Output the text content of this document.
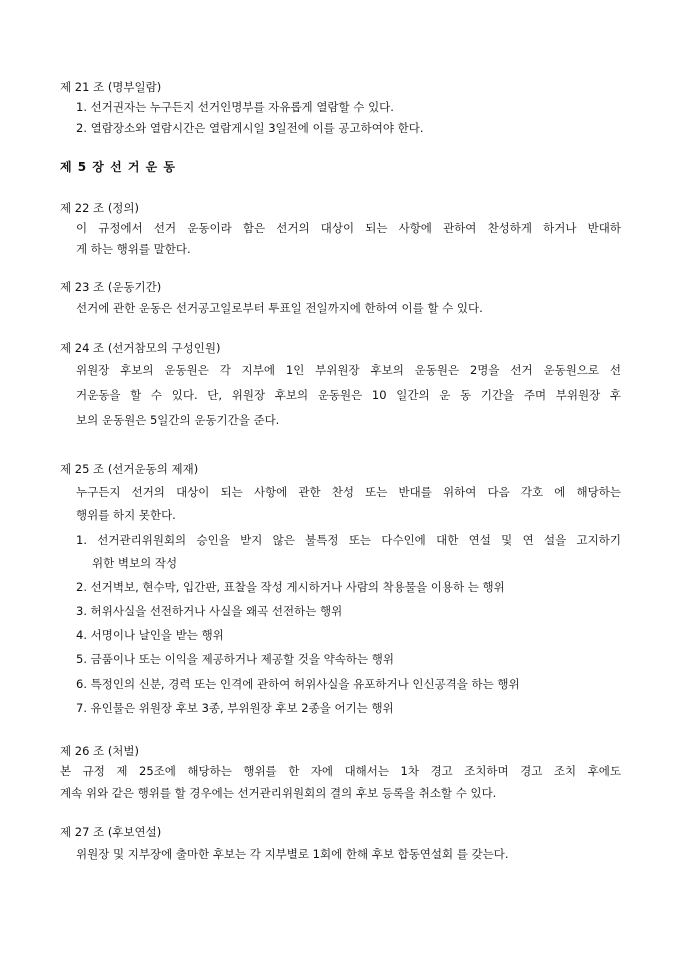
제 21 조 (명부일람)
1. 선거권자는 누구든지 선거인명부를 자유롭게 열람할 수 있다.
2. 열람장소와 열람시간은 열람게시일 3일전에 이를 공고하여야 한다.
제 5 장 선 거 운 동
제 22 조 (정의)
이 규정에서 선거 운동이라 함은 선거의 대상이 되는 사항에 관하여 찬성하게 하거나 반대하
게 하는 행위를 말한다.
제 23 조 (운동기간)
선거에 관한 운동은 선거공고일로부터 투표일 전일까지에 한하여 이를 할 수 있다.
제 24 조 (선거참모의 구성인원)
위원장 후보의 운동원은 각 지부에 1인 부위원장 후보의 운동원은 2명을 선거 운동원으로 선
거운동을 할 수 있다. 단, 위원장 후보의 운동원은 10 일간의 운 동 기간을 주며 부위원장 후
보의 운동원은 5일간의 운동기간을 준다.
제 25 조 (선거운동의 제재)
누구든지 선거의 대상이 되는 사항에 관한 찬성 또는 반대를 위하여 다음 각호 에 해당하는
행위를 하지 못한다.
1. 선거관리위원회의 승인을 받지 않은 불특정 또는 다수인에 대한 연설 및 연 설을 고지하기
위한 벽보의 작성
2. 선거벽보, 현수막, 입간판, 표찰을 작성 게시하거나 사람의 착용물을 이용하 는 행위
3. 허위사실을 선전하거나 사실을 왜곡 선전하는 행위
4. 서명이나 날인을 받는 행위
5. 금품이나 또는 이익을 제공하거나 제공할 것을 약속하는 행위
6. 특정인의 신분, 경력 또는 인격에 관하여 허위사실을 유포하거나 인신공격을 하는 행위
7. 유인물은 위원장 후보 3종, 부위원장 후보 2종을 어기는 행위
제 26 조 (처벌)
본 규정 제 25조에 해당하는 행위를 한 자에 대해서는 1차 경고 조치하며 경고 조치 후에도
계속 위와 같은 행위를 할 경우에는 선거관리위원회의 결의 후보 등록을 취소할 수 있다.
제 27 조 (후보연설)
위원장 및 지부장에 출마한 후보는 각 지부별로 1회에 한해 후보 합동연설회 를 갖는다.
